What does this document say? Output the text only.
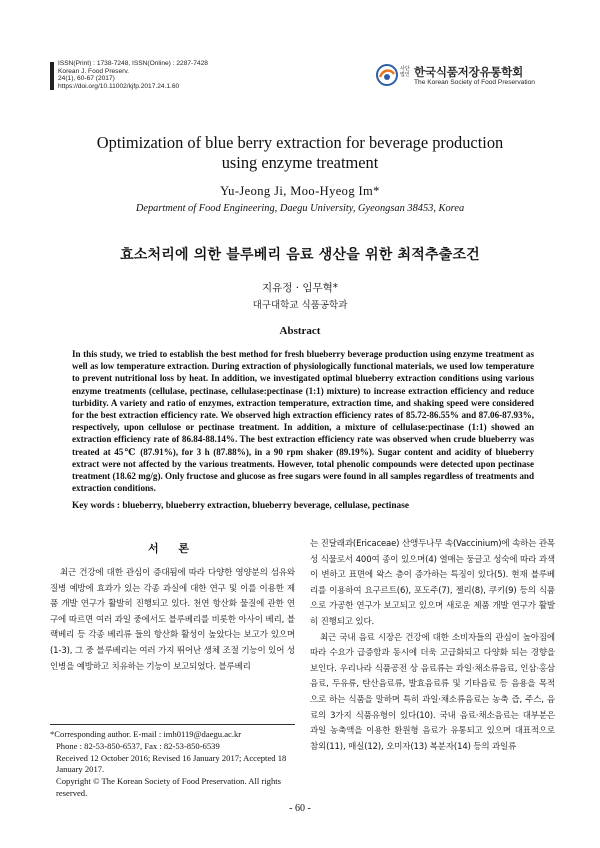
ISSN(Print) : 1738-7248, ISSN(Online) : 2287-7428
Korean J. Food Preserv.
24(1), 60-67 (2017)
https://doi.org/10.11002/kjfp.2017.24.1.60
사단 법인 한국식품저장유통학회
The Korean Society of Food Preservation
Optimization of blue berry extraction for beverage production
using enzyme treatment
Yu-Jeong Ji, Moo-Hyeog Im*
Department of Food Engineering, Daegu University, Gyeongsan 38453, Korea
효소처리에 의한 블루베리 음료 생산을 위한 최적추출조건
지유정 · 임무혁*
대구대학교 식품공학과
Abstract
In this study, we tried to establish the best method for fresh blueberry beverage production using enzyme treatment as well as low temperature extraction. During extraction of physiologically functional materials, we used low temperature to prevent nutritional loss by heat. In addition, we investigated optimal blueberry extraction conditions using various enzyme treatments (cellulase, pectinase, cellulase:pectinase (1:1) mixture) to increase extraction efficiency and reduce turbidity. A variety and ratio of enzymes, extraction temperature, extraction time, and shaking speed were considered for the best extraction efficiency rate. We observed high extraction efficiency rates of 85.72-86.55% and 87.06-87.93%, respectively, upon cellulose or pectinase treatment. In addition, a mixture of cellulase:pectinase (1:1) showed an extraction efficiency rate of 86.84-88.14%. The best extraction efficiency rate was observed when crude blueberry was treated at 45℃ (87.91%), for 3 h (87.88%), in a 90 rpm shaker (89.19%). Sugar content and acidity of blueberry extract were not affected by the various treatments. However, total phenolic compounds were detected upon pectinase treatment (18.62 mg/g). Only fructose and glucose as free sugars were found in all samples regardless of treatments and extraction conditions.
Key words : blueberry, blueberry extraction, blueberry beverage, cellulase, pectinase
서 론

최근 건강에 대한 관심이 증대됨에 따라 다양한 영양분의 섬유와 질병 예방에 효과가 있는 각종 과실에 대한 연구 및 이를 이용한 제품 개발 연구가 활발히 진행되고 있다. 천연 항산화 물질에 관한 연구에 따르면 여러 과일 중에서도 블루베리를 비롯한 아사이 베리, 블랙베리 등 각종 베리류 들의 항산화 활성이 높았다는 보고가 있으며(1-3), 그 중 블루베리는 여러 가지 뛰어난 생체 조절 기능이 있어 성인병을 예방하고 치유하는 기능이 보고되었다. 블루베리

*Corresponding author. E-mail : imh0119@daegu.ac.kr
Phone : 82-53-850-6537, Fax : 82-53-850-6539
Received 12 October 2016; Revised 16 January 2017; Accepted 18 January 2017.
Copyright © The Korean Society of Food Preservation. All rights reserved.

는 진달래과(Ericaceae) 산앵두나무 속(Vaccinium)에 속하는 관목성 식물로서 400여 종이 있으며(4) 열매는 둥글고 성숙에 따라 과색이 변하고 표면에 왁스 층이 증가하는 특징이 있다(5). 현재 블루베리를 이용하여 요구르트(6), 포도주(7), 젤리(8), 쿠키(9) 등의 식품으로 가공한 연구가 보고되고 있으며 새로운 제품 개발 연구가 활발히 진행되고 있다.

최근 국내 음료 시장은 건강에 대한 소비자들의 관심이 높아짐에 따라 수요가 급증함과 동시에 더욱 고급화되고 다양화 되는 경향을 보인다. 우리나라 식품공전 상 음료류는 과일·채소류음료, 인삼·홍삼음료, 두유류, 탄산음료류, 발효음료류 및 기타음료 등 음용을 목적으로 하는 식품을 말하며 특히 과일·채소류음료는 농축 즙, 주스, 음료의 3가지 식품유형이 있다(10). 국내 음료·채소음료는 대부분은 과일 농축액을 이용한 환원형 음료가 유통되고 있으며 대표적으로 참외(11), 매실(12), 오미자(13) 복분자(14) 등의 과일류

- 60 -
